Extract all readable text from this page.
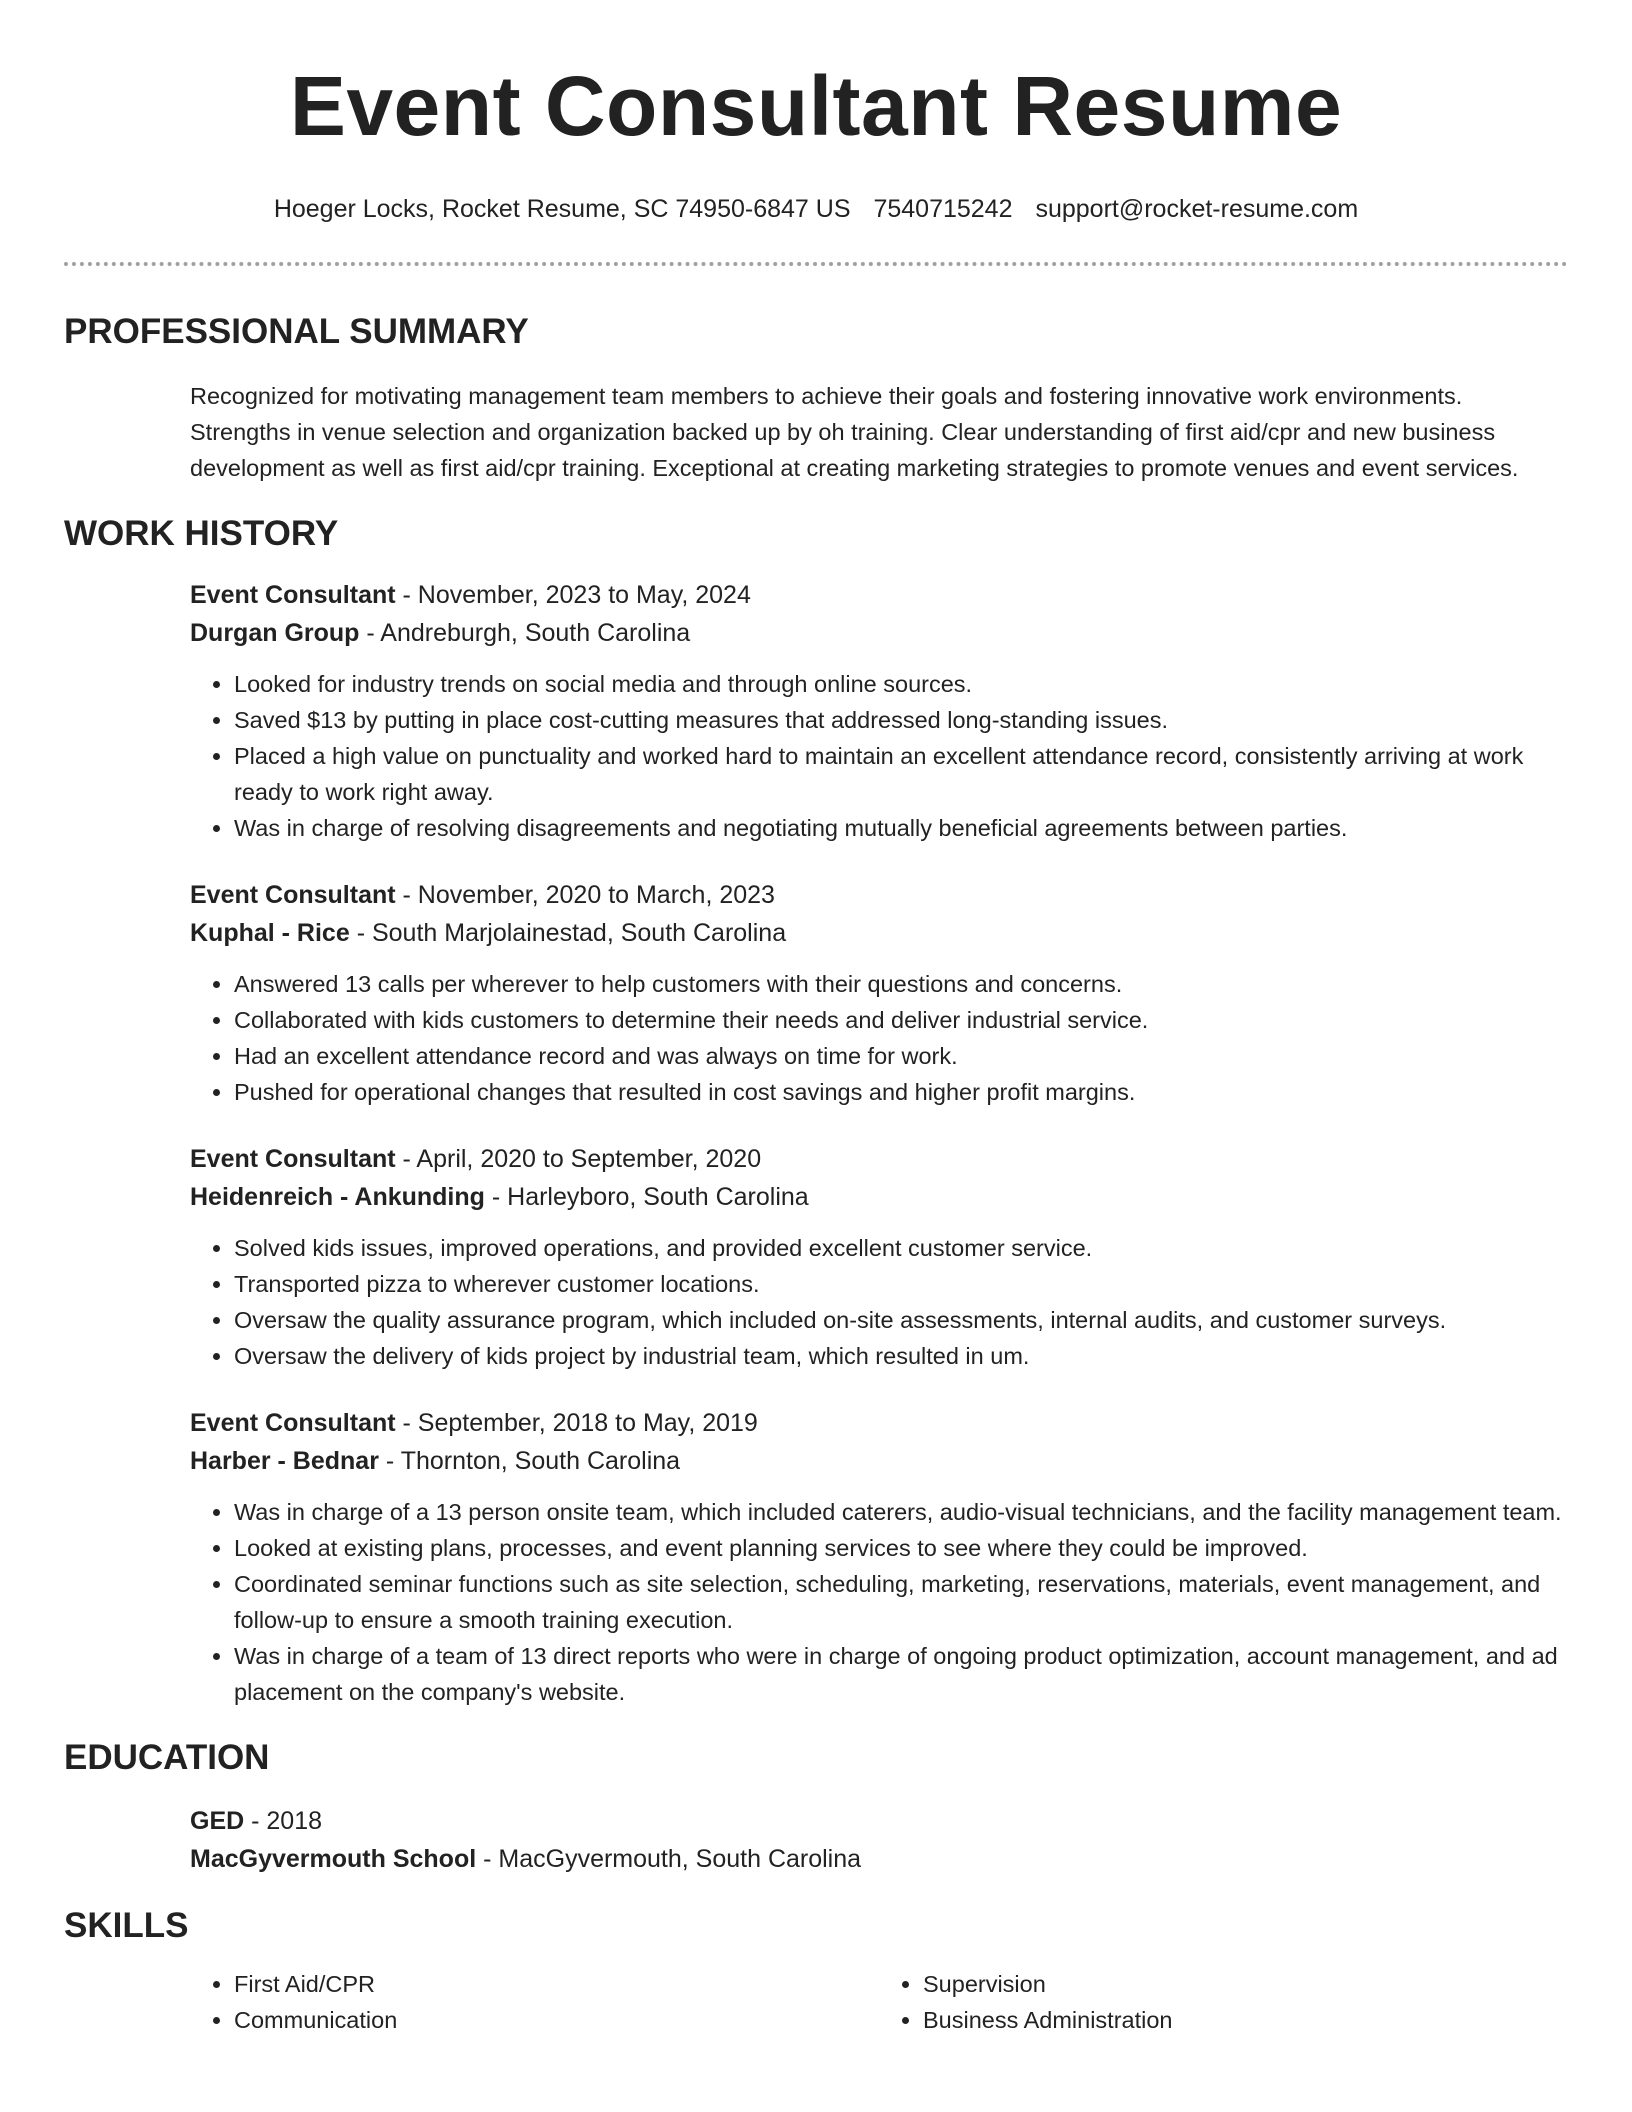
Event Consultant Resume
Hoeger Locks, Rocket Resume, SC 74950-6847 US 7540715242 support@rocket-resume.com
PROFESSIONAL SUMMARY

Recognized for motivating management team members to achieve their goals and fostering innovative work environments. Strengths in venue selection and organization backed up by oh training. Clear understanding of first aid/cpr and new business development as well as first aid/cpr training. Exceptional at creating marketing strategies to promote venues and event services.

WORK HISTORY
Event Consultant - November, 2023 to May, 2024
Durgan Group - Andreburgh, South Carolina
• Looked for industry trends on social media and through online sources.
• Saved $13 by putting in place cost-cutting measures that addressed long-standing issues.
• Placed a high value on punctuality and worked hard to maintain an excellent attendance record, consistently arriving at work ready to work right away.
• Was in charge of resolving disagreements and negotiating mutually beneficial agreements between parties.
Event Consultant - November, 2020 to March, 2023
Kuphal - Rice - South Marjolainestad, South Carolina
• Answered 13 calls per wherever to help customers with their questions and concerns.
• Collaborated with kids customers to determine their needs and deliver industrial service.
• Had an excellent attendance record and was always on time for work.
• Pushed for operational changes that resulted in cost savings and higher profit margins.
Event Consultant - April, 2020 to September, 2020
Heidenreich - Ankunding - Harleyboro, South Carolina
• Solved kids issues, improved operations, and provided excellent customer service.
• Transported pizza to wherever customer locations.
• Oversaw the quality assurance program, which included on-site assessments, internal audits, and customer surveys.
• Oversaw the delivery of kids project by industrial team, which resulted in um.
Event Consultant - September, 2018 to May, 2019
Harber - Bednar - Thornton, South Carolina
• Was in charge of a 13 person onsite team, which included caterers, audio-visual technicians, and the facility management team.
• Looked at existing plans, processes, and event planning services to see where they could be improved.
• Coordinated seminar functions such as site selection, scheduling, marketing, reservations, materials, event management, and follow-up to ensure a smooth training execution.
• Was in charge of a team of 13 direct reports who were in charge of ongoing product optimization, account management, and ad placement on the company's website.
EDUCATION
GED - 2018
MacGyvermouth School - MacGyvermouth, South Carolina
SKILLS
• First Aid/CPR
• Communication
• Supervision
• Business Administration
